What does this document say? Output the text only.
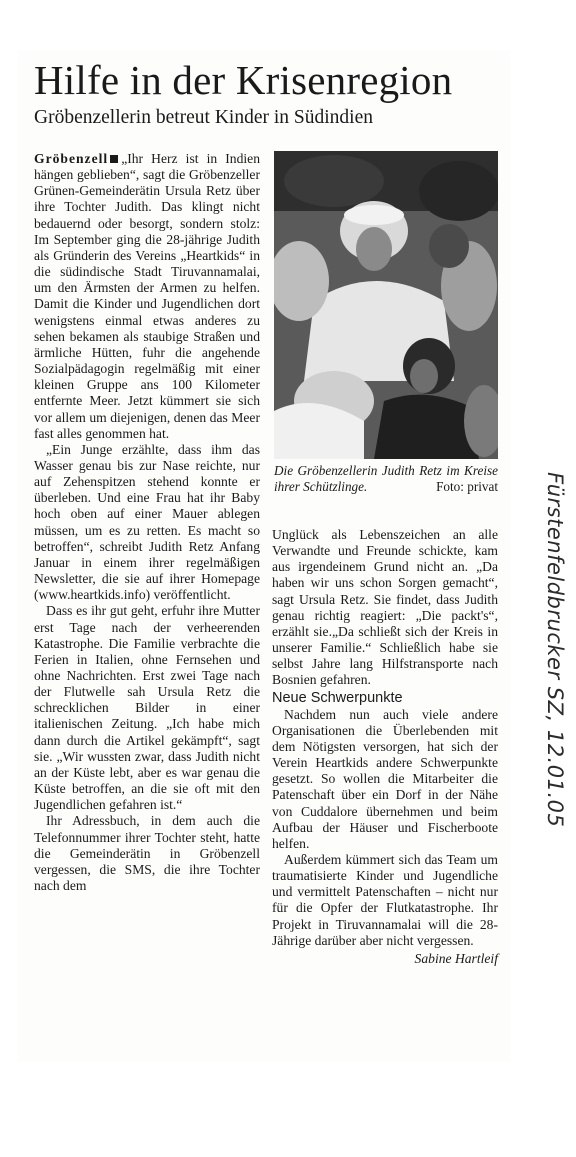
Hilfe in der Krisenregion
Gröbenzellerin betreut Kinder in Südindien

Gröbenzell „Ihr Herz ist in Indien hängen geblieben“, sagt die Gröbenzeller Grünen-Gemeinderätin Ursula Retz über ihre Tochter Judith. Das klingt nicht bedauernd oder besorgt, sondern stolz: Im September ging die 28-jährige Judith als Gründerin des Vereins „Heartkids“ in die südindische Stadt Tiruvannamalai, um den Ärmsten der Armen zu helfen. Damit die Kinder und Jugendlichen dort wenigstens einmal etwas anderes zu sehen bekamen als staubige Straßen und ärmliche Hütten, fuhr die angehende Sozialpädagogin regelmäßig mit einer kleinen Gruppe ans 100 Kilometer entfernte Meer. Jetzt kümmert sie sich vor allem um diejenigen, denen das Meer fast alles genommen hat.

„Ein Junge erzählte, dass ihm das Wasser genau bis zur Nase reichte, nur auf Zehenspitzen stehend konnte er überleben. Und eine Frau hat ihr Baby hoch oben auf einer Mauer ablegen müssen, um es zu retten. Es macht so betroffen“, schreibt Judith Retz Anfang Januar in einem ihrer regelmäßigen Newsletter, die sie auf ihrer Homepage (www.heartkids.info) veröffentlicht.

Dass es ihr gut geht, erfuhr ihre Mutter erst Tage nach der verheerenden Katastrophe. Die Familie verbrachte die Ferien in Italien, ohne Fernsehen und ohne Nachrichten. Erst zwei Tage nach der Flutwelle sah Ursula Retz die schrecklichen Bilder in einer italienischen Zeitung. „Ich habe mich dann durch die Artikel gekämpft“, sagt sie. „Wir wussten zwar, dass Judith nicht an der Küste lebt, aber es war genau die Küste betroffen, an die sie oft mit den Jugendlichen gefahren ist.“

Ihr Adressbuch, in dem auch die Telefonnummer ihrer Tochter steht, hatte die Gemeinderätin in Gröbenzell vergessen, die SMS, die ihre Tochter nach dem

Die Gröbenzellerin Judith Retz im Kreise ihrer Schützlinge.	Foto: privat

Unglück als Lebenszeichen an alle Verwandte und Freunde schickte, kam aus irgendeinem Grund nicht an. „Da haben wir uns schon Sorgen gemacht“, sagt Ursula Retz. Sie findet, dass Judith genau richtig reagiert: „Die packt's“, erzählt sie.„Da schließt sich der Kreis in unserer Familie.“ Schließlich habe sie selbst Jahre lang Hilfstransporte nach Bosnien gefahren.

Neue Schwerpunkte

Nachdem nun auch viele andere Organisationen die Überlebenden mit dem Nötigsten versorgen, hat sich der Verein Heartkids andere Schwerpunkte gesetzt. So wollen die Mitarbeiter die Patenschaft über ein Dorf in der Nähe von Cuddalore übernehmen und beim Aufbau der Häuser und Fischerboote helfen.

Außerdem kümmert sich das Team um traumatisierte Kinder und Jugendliche und vermittelt Patenschaften – nicht nur für die Opfer der Flutkatastrophe. Ihr Projekt in Tiruvannamalai will die 28-Jährige darüber aber nicht vergessen.

Sabine Hartleif

Fürstenfeldbrucker SZ, 12.01.05
